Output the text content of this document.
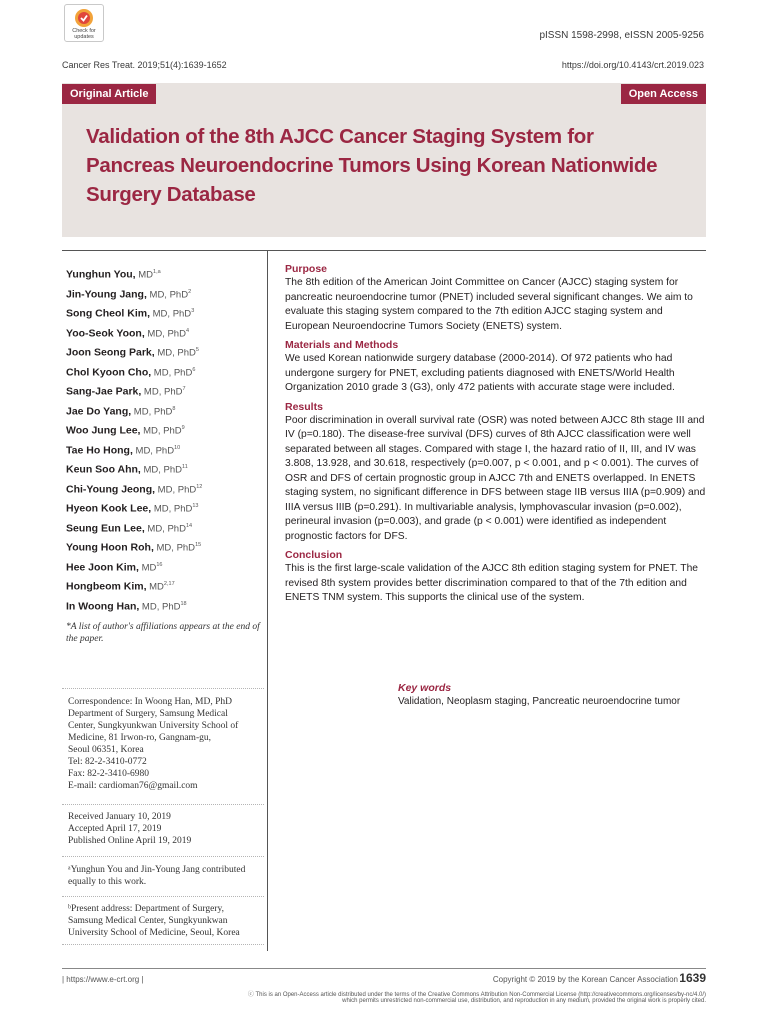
Check for
updates	pISSN 1598-2998, eISSN 2005-9256
Cancer Res Treat. 2019;51(4):1639-1652	https://doi.org/10.4143/crt.2019.023
Original Article	Open Access
Validation of the 8th AJCC Cancer Staging System for Pancreas Neuroendocrine Tumors Using Korean Nationwide Surgery Database
Yunghun You, MD$^{1,a}$
Jin-Young Jang, MD, PhD$^2$
Song Cheol Kim, MD, PhD$^3$
Yoo-Seok Yoon, MD, PhD$^4$
Joon Seong Park, MD, PhD$^5$
Chol Kyoon Cho, MD, PhD$^6$
Sang-Jae Park, MD, PhD$^7$
Jae Do Yang, MD, PhD$^8$
Woo Jung Lee, MD, PhD$^9$
Tae Ho Hong, MD, PhD$^{10}$
Keun Soo Ahn, MD, PhD$^{11}$
Chi-Young Jeong, MD, PhD$^{12}$
Hyeon Kook Lee, MD, PhD$^{13}$
Seung Eun Lee, MD, PhD$^{14}$
Young Hoon Roh, MD, PhD$^{15}$
Hee Joon Kim, MD$^{16}$
Hongbeom Kim, MD$^{2,17}$
In Woong Han, MD, PhD$^{18}$
*A list of author's affiliations appears at the end of the paper.
Correspondence: In Woong Han, MD, PhD
Department of Surgery, Samsung Medical
Center, Sungkyunkwan University School of
Medicine, 81 Irwon-ro, Gangnam-gu,
Seoul 06351, Korea
Tel: 82-2-3410-0772
Fax: 82-2-3410-6980
E-mail: cardioman76@gmail.com
Received January 10, 2019
Accepted April 17, 2019
Published Online April 19, 2019
ᵃYunghun You and Jin-Young Jang contributed
equally to this work.
ᵇPresent address: Department of Surgery,
Samsung Medical Center, Sungkyunkwan
University School of Medicine, Seoul, Korea
Purpose

The 8th edition of the American Joint Committee on Cancer (AJCC) staging system for pancreatic neuroendocrine tumor (PNET) included several significant changes. We aim to evaluate this staging system compared to the 7th edition AJCC staging system and European Neuroendocrine Tumors Society (ENETS) system.

Materials and Methods

We used Korean nationwide surgery database (2000-2014). Of 972 patients who had undergone surgery for PNET, excluding patients diagnosed with ENETS/World Health Organization 2010 grade 3 (G3), only 472 patients with accurate stage were included.

Results

Poor discrimination in overall survival rate (OSR) was noted between AJCC 8th stage III and IV (p=0.180). The disease-free survival (DFS) curves of 8th AJCC classification were well separated between all stages. Compared with stage I, the hazard ratio of II, III, and IV was 3.808, 13.928, and 30.618, respectively (p=0.007, p < 0.001, and p < 0.001). The curves of OSR and DFS of certain prognostic group in AJCC 7th and ENETS overlapped. In ENETS staging system, no significant difference in DFS between stage IIB versus IIIA (p=0.909) and IIIA versus IIIB (p=0.291). In multivariable analysis, lymphovascular invasion (p=0.002), perineural invasion (p=0.003), and grade (p < 0.001) were identified as independent prognostic factors for DFS.

Conclusion

This is the first large-scale validation of the AJCC 8th edition staging system for PNET. The revised 8th system provides better discrimination compared to that of the 7th edition and ENETS TNM system. This supports the clinical use of the system.

Key words
Validation, Neoplasm staging, Pancreatic neuroendocrine tumor
| https://www.e-crt.org |	Copyright © 2019 by the Korean Cancer Association 1639
ⓒ This is an Open-Access article distributed under the terms of the Creative Commons Attribution Non-Commercial License (http://creativecommons.org/licenses/by-nc/4.0/)
which permits unrestricted non-commercial use, distribution, and reproduction in any medium, provided the original work is properly cited.
